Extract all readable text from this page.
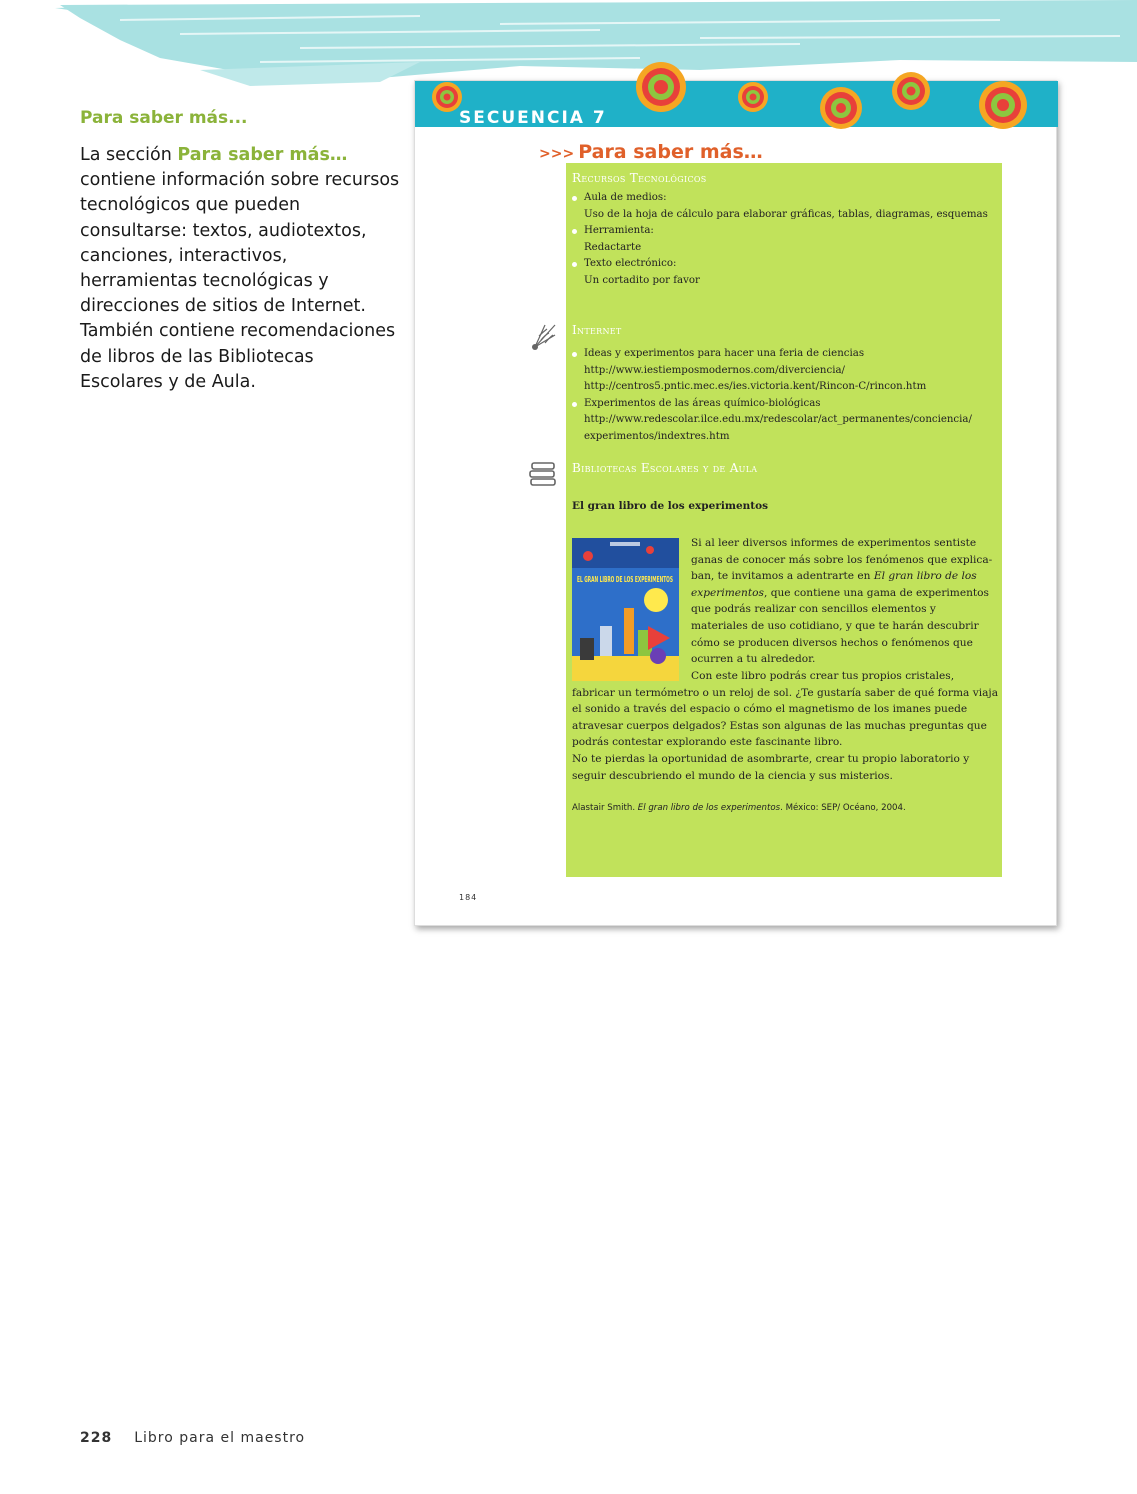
Para saber más...
La sección Para saber más… contiene información sobre recursos tecnológicos que pueden consultarse: textos, audiotextos, canciones, interactivos, herramientas tecnológicas y direcciones de sitios de Internet. También contiene recomendaciones de libros de las Bibliotecas Escolares y de Aula.
SECUENCIA 7
>>> Para saber más…
Recursos Tecnológicos
Aula de medios:
Uso de la hoja de cálculo para elaborar gráficas, tablas, diagramas, esquemas
Herramienta:
Redactarte
Texto electrónico:
Un cortadito por favor
Internet
Ideas y experimentos para hacer una feria de ciencias
http://www.iestiemposmodernos.com/diverciencia/
http://centros5.pntic.mec.es/ies.victoria.kent/Rincon-C/rincon.htm
Experimentos de las áreas químico-biológicas
http://www.redescolar.ilce.edu.mx/redescolar/act_permanentes/conciencia/
experimentos/indextres.htm
Bibliotecas Escolares y de Aula
El gran libro de los experimentos
EL GRAN LIBRO DE LOS EXPERIMENTOS
Si al leer diversos informes de experimentos sentiste ganas de conocer más sobre los fenómenos que explica-ban, te invitamos a adentrarte en El gran libro de los experimentos, que contiene una gama de experimentos que podrás realizar con sencillos elementos y materiales de uso cotidiano, y que te harán descubrir cómo se producen diversos hechos o fenómenos que ocurren a tu alrededor.

Con este libro podrás crear tus propios cristales, fabricar un termómetro o un reloj de sol. ¿Te gustaría saber de qué forma viaja el sonido a través del espacio o cómo el magnetismo de los imanes puede atravesar cuerpos delgados? Estas son algunas de las muchas preguntas que podrás contestar explorando este fascinante libro.

No te pierdas la oportunidad de asombrarte, crear tu propio laboratorio y seguir descubriendo el mundo de la ciencia y sus misterios.

Alastair Smith. El gran libro de los experimentos. México: SEP/ Océano, 2004.
184
228 Libro para el maestro
